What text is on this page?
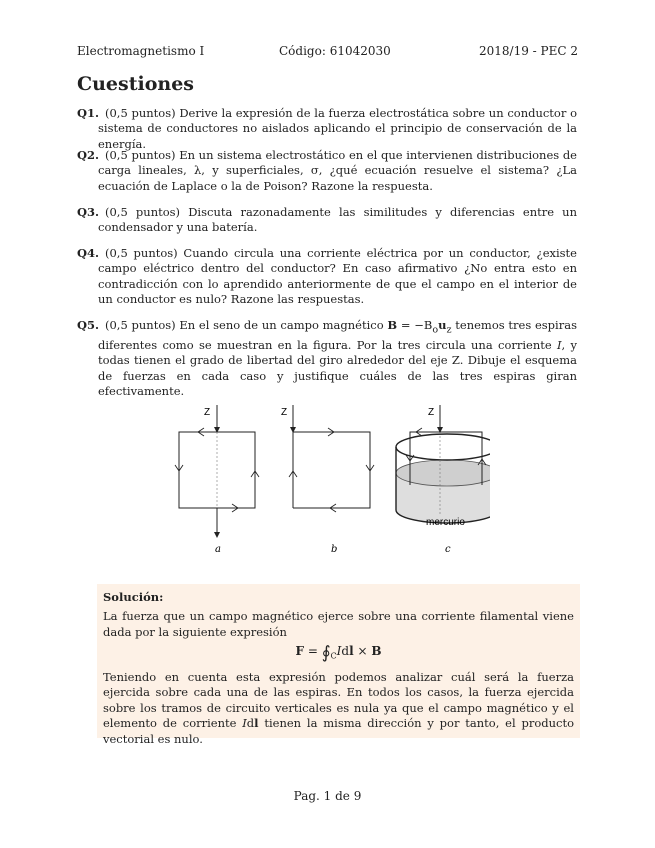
Electromagnetismo I	Código: 61042030	2018/19 - PEC 2
Cuestiones
Q1. (0,5 puntos) Derive la expresión de la fuerza electrostática sobre un conductor o sistema de conductores no aislados aplicando el principio de conservación de la energía.
Q2. (0,5 puntos) En un sistema electrostático en el que intervienen distribuciones de carga lineales, λ, y superficiales, σ, ¿qué ecuación resuelve el sistema? ¿La ecuación de Laplace o la de Poison? Razone la respuesta.
Q3. (0,5 puntos) Discuta razonadamente las similitudes y diferencias entre un condensador y una batería.
Q4. (0,5 puntos) Cuando circula una corriente eléctrica por un conductor, ¿existe campo eléctrico dentro del conductor? En caso afirmativo ¿No entra esto en contradicción con lo aprendido anteriormente de que el campo en el interior de un conductor es nulo? Razone las respuestas.
Q5. (0,5 puntos) En el seno de un campo magnético $B = -B_ou_z$ tenemos tres espiras diferentes como se muestran en la figura. Por la tres circula una corriente I, y todas tienen el grado de libertad del giro alrededor del eje Z. Dibuje el esquema de fuerzas en cada caso y justifique cuáles de las tres espiras giran efectivamente.
Z
a
Z
b
Z
mercurio
c
Solución:
La fuerza que un campo magnético ejerce sobre una corriente filamental viene dada por la siguiente expresión
$F = ∮_CIdl \times B$
Teniendo en cuenta esta expresión podemos analizar cuál será la fuerza ejercida sobre cada una de las espiras. En todos los casos, la fuerza ejercida sobre los tramos de circuito verticales es nula ya que el campo magnético y el elemento de corriente Idl tienen la misma dirección y por tanto, el producto vectorial es nulo.
Pag. 1 de 9
